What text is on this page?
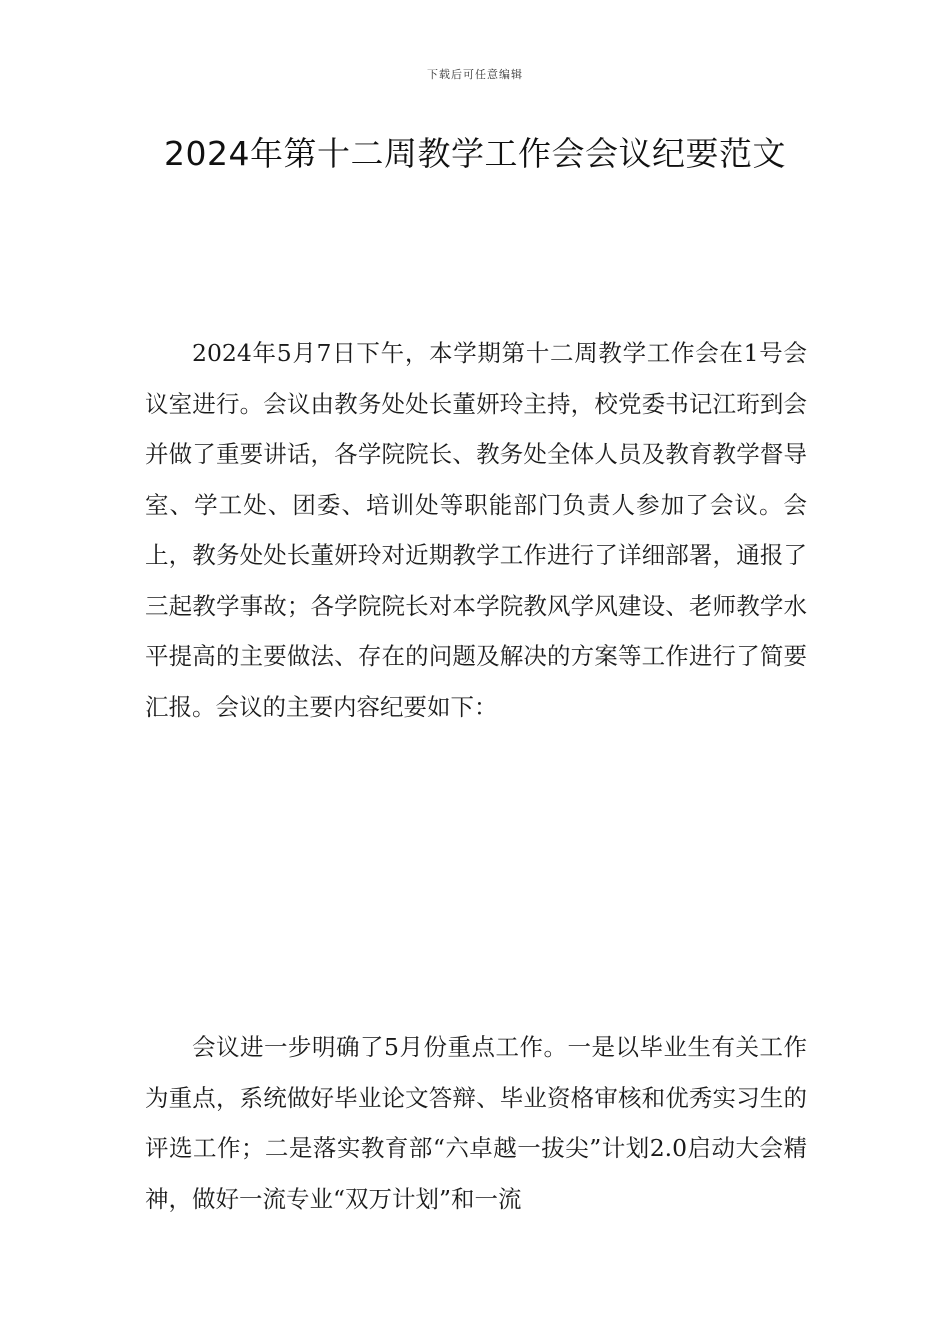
下载后可任意编辑
2024年第十二周教学工作会会议纪要范文

2024年5月7日下午，本学期第十二周教学工作会在1号会议室进行。会议由教务处处长董妍玲主持，校党委书记江珩到会并做了重要讲话，各学院院长、教务处全体人员及教育教学督导室、学工处、团委、培训处等职能部门负责人参加了会议。会上，教务处处长董妍玲对近期教学工作进行了详细部署，通报了三起教学事故；各学院院长对本学院教风学风建设、老师教学水平提高的主要做法、存在的问题及解决的方案等工作进行了简要汇报。会议的主要内容纪要如下：

会议进一步明确了5月份重点工作。一是以毕业生有关工作为重点，系统做好毕业论文答辩、毕业资格审核和优秀实习生的评选工作；二是落实教育部“六卓越一拔尖”计划2.0启动大会精神，做好一流专业“双万计划”和一流
